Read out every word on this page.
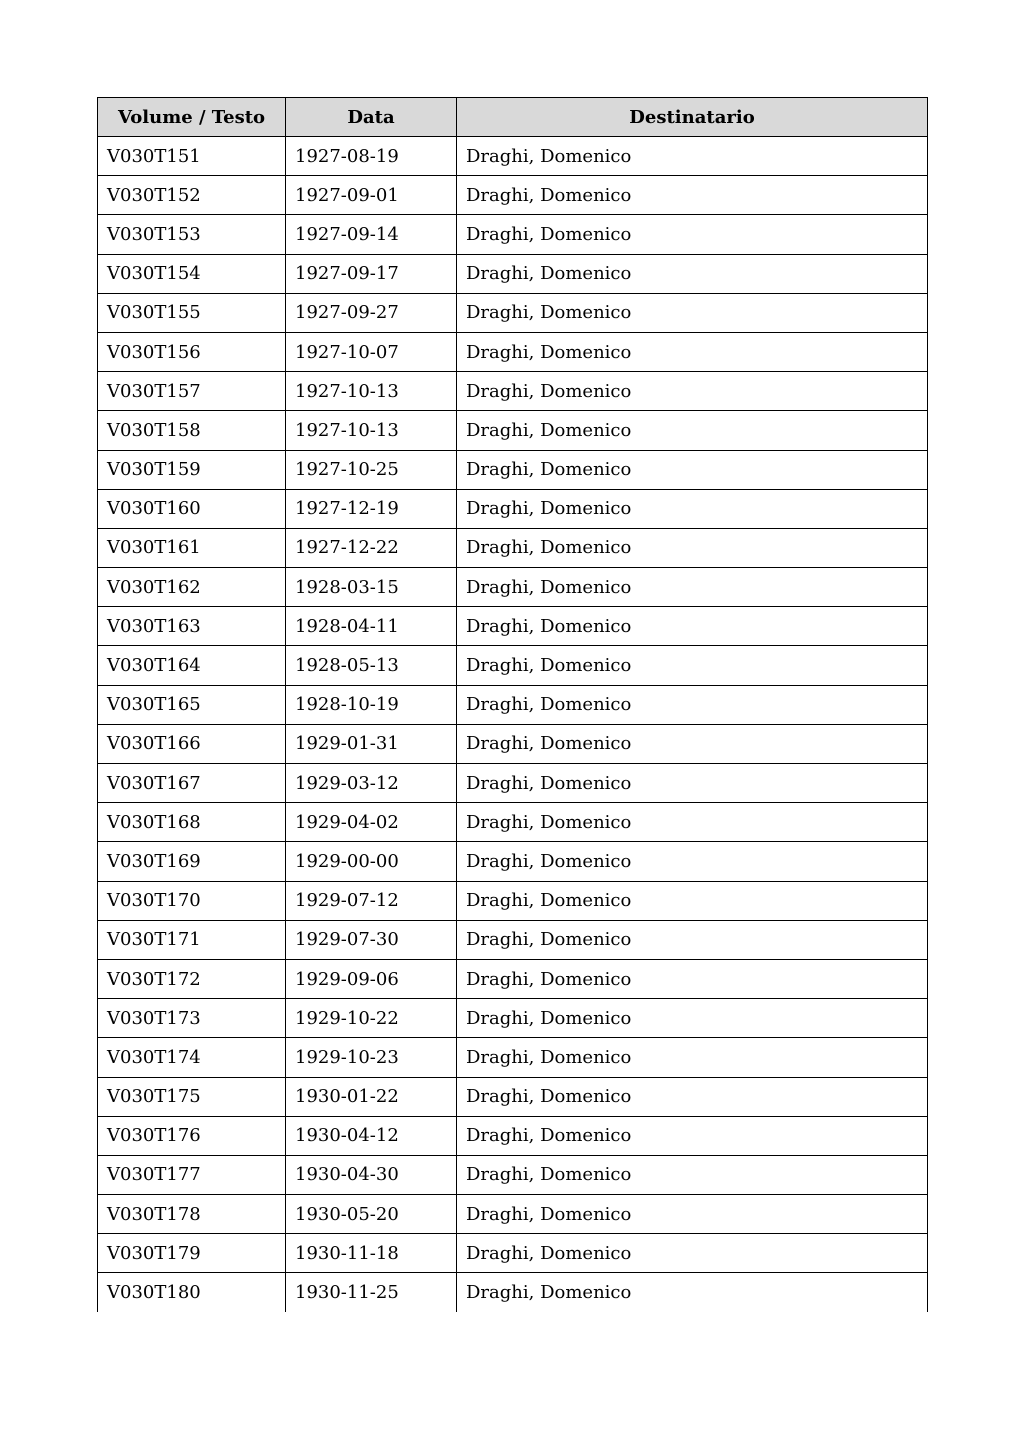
Volume / Testo	Data	Destinatario
V030T151	1927-08-19	Draghi, Domenico
V030T152	1927-09-01	Draghi, Domenico
V030T153	1927-09-14	Draghi, Domenico
V030T154	1927-09-17	Draghi, Domenico
V030T155	1927-09-27	Draghi, Domenico
V030T156	1927-10-07	Draghi, Domenico
V030T157	1927-10-13	Draghi, Domenico
V030T158	1927-10-13	Draghi, Domenico
V030T159	1927-10-25	Draghi, Domenico
V030T160	1927-12-19	Draghi, Domenico
V030T161	1927-12-22	Draghi, Domenico
V030T162	1928-03-15	Draghi, Domenico
V030T163	1928-04-11	Draghi, Domenico
V030T164	1928-05-13	Draghi, Domenico
V030T165	1928-10-19	Draghi, Domenico
V030T166	1929-01-31	Draghi, Domenico
V030T167	1929-03-12	Draghi, Domenico
V030T168	1929-04-02	Draghi, Domenico
V030T169	1929-00-00	Draghi, Domenico
V030T170	1929-07-12	Draghi, Domenico
V030T171	1929-07-30	Draghi, Domenico
V030T172	1929-09-06	Draghi, Domenico
V030T173	1929-10-22	Draghi, Domenico
V030T174	1929-10-23	Draghi, Domenico
V030T175	1930-01-22	Draghi, Domenico
V030T176	1930-04-12	Draghi, Domenico
V030T177	1930-04-30	Draghi, Domenico
V030T178	1930-05-20	Draghi, Domenico
V030T179	1930-11-18	Draghi, Domenico
V030T180	1930-11-25	Draghi, Domenico
